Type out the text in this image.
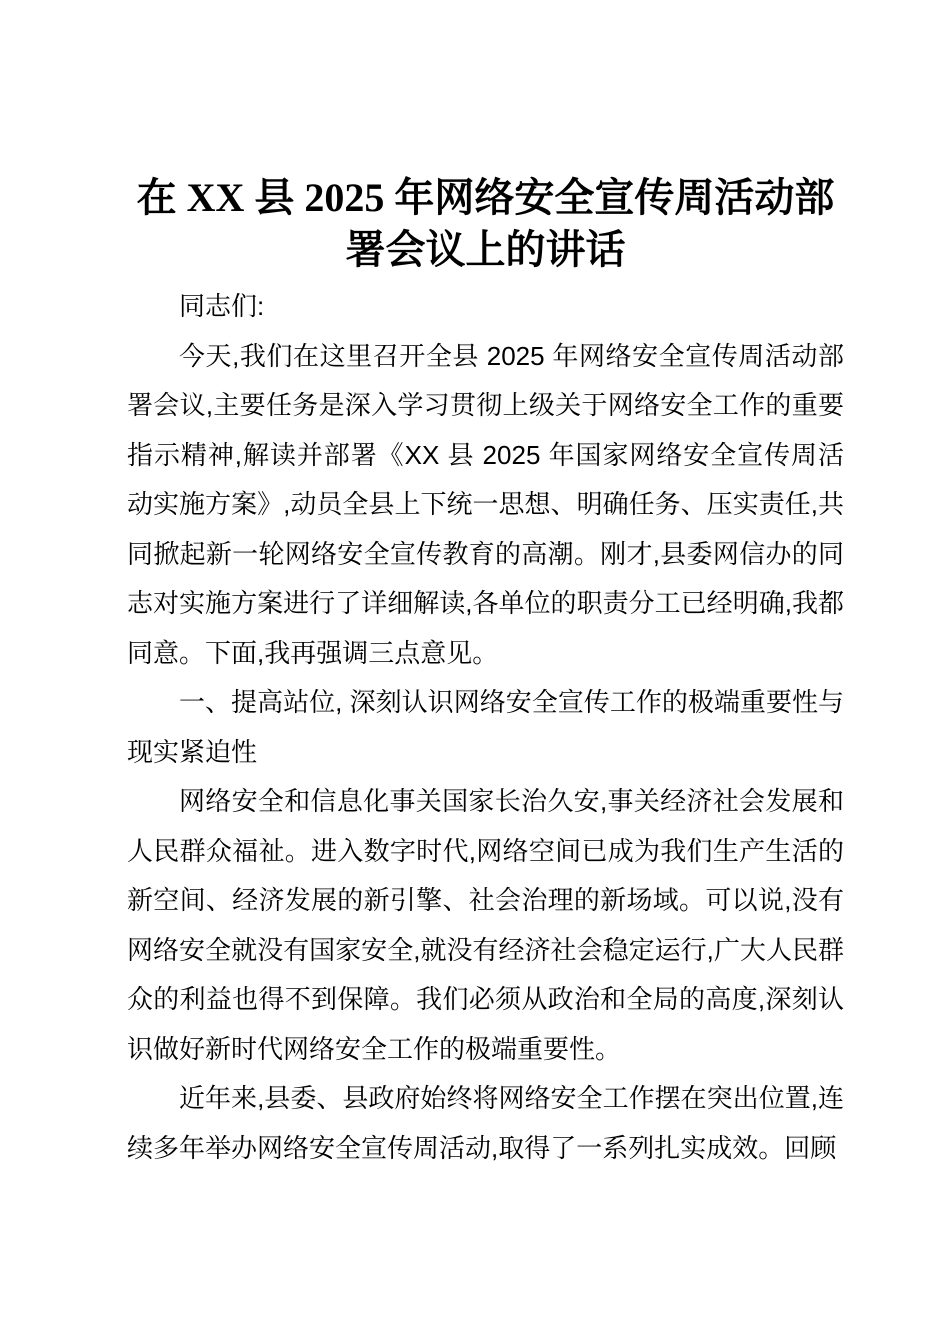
在 XX 县 2025 年网络安全宣传周活动部署会议上的讲话

同志们:

今天,我们在这里召开全县 2025 年网络安全宣传周活动部署会议,主要任务是深入学习贯彻上级关于网络安全工作的重要指示精神,解读并部署《XX 县 2025 年国家网络安全宣传周活动实施方案》,动员全县上下统一思想、明确任务、压实责任,共同掀起新一轮网络安全宣传教育的高潮。刚才,县委网信办的同志对实施方案进行了详细解读,各单位的职责分工已经明确,我都同意。下面,我再强调三点意见。

一、提高站位, 深刻认识网络安全宣传工作的极端重要性与现实紧迫性

网络安全和信息化事关国家长治久安,事关经济社会发展和人民群众福祉。进入数字时代,网络空间已成为我们生产生活的新空间、经济发展的新引擎、社会治理的新场域。可以说,没有网络安全就没有国家安全,就没有经济社会稳定运行,广大人民群众的利益也得不到保障。我们必须从政治和全局的高度,深刻认识做好新时代网络安全工作的极端重要性。

近年来,县委、县政府始终将网络安全工作摆在突出位置,连续多年举办网络安全宣传周活动,取得了一系列扎实成效。回顾
